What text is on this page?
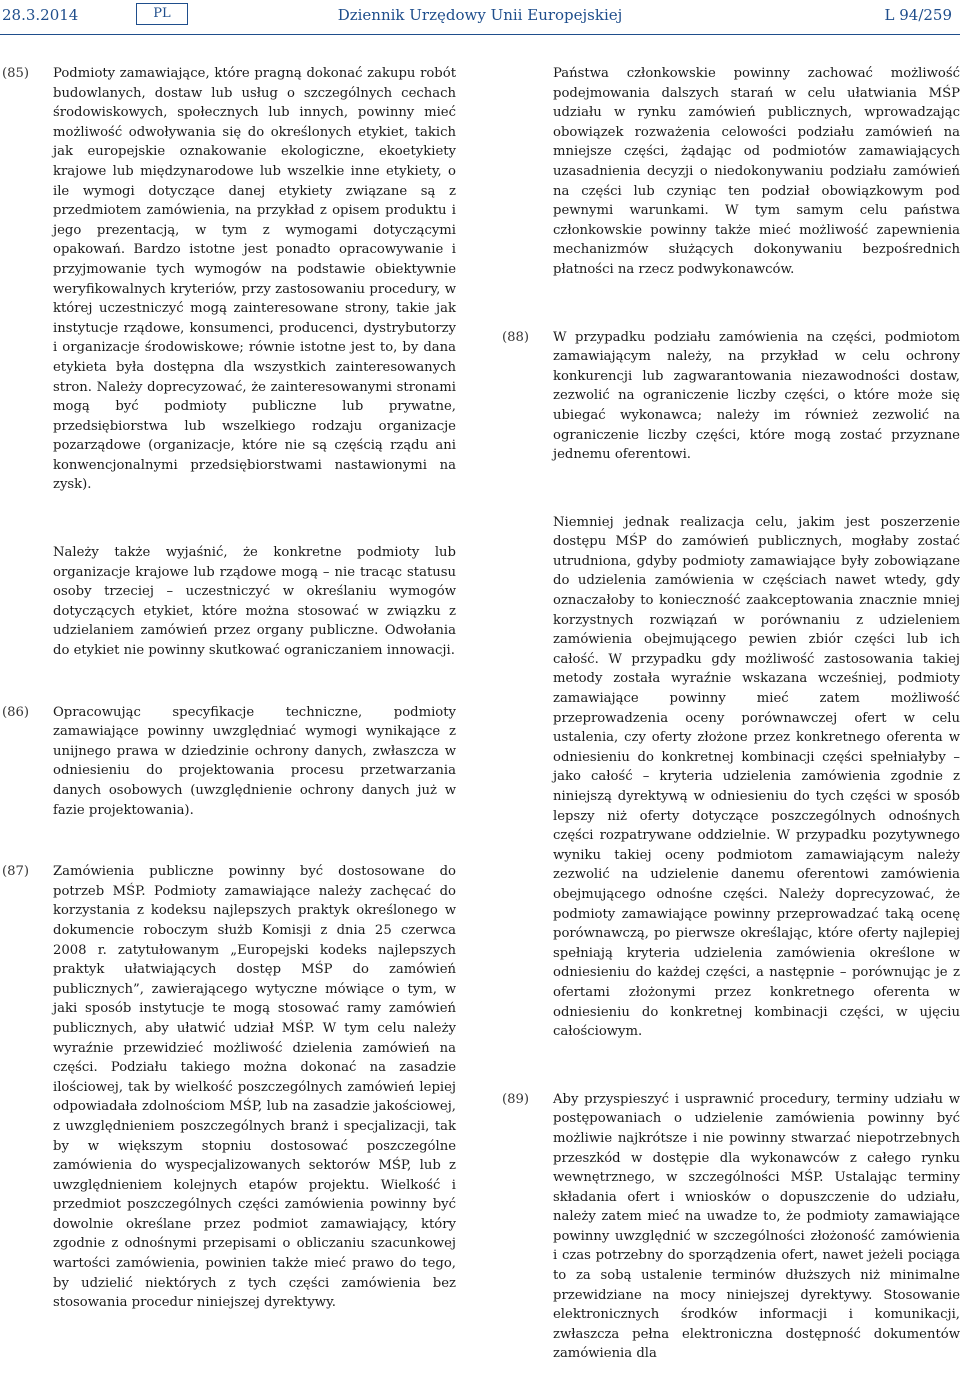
28.3.2014	PL	Dziennik Urzędowy Unii Europejskiej	L 94/259
(85) Podmioty zamawiające, które pragną dokonać zakupu robót budowlanych, dostaw lub usług o szczególnych cechach środowiskowych, społecznych lub innych, powinny mieć możliwość odwoływania się do określonych etykiet, takich jak europejskie oznakowanie ekologiczne, ekoetykiety krajowe lub międzynarodowe lub wszelkie inne etykiety, o ile wymogi dotyczące danej etykiety związane są z przedmiotem zamówienia, na przykład z opisem produktu i jego prezentacją, w tym z wymogami dotyczącymi opakowań. Bardzo istotne jest ponadto opracowywanie i przyjmowanie tych wymogów na podstawie obiektywnie weryfikowalnych kryteriów, przy zastosowaniu procedury, w której uczestniczyć mogą zainteresowane strony, takie jak instytucje rządowe, konsumenci, producenci, dystrybutorzy i organizacje środowiskowe; równie istotne jest to, by dana etykieta była dostępna dla wszystkich zainteresowanych stron. Należy doprecyzować, że zainteresowanymi stronami mogą być podmioty publiczne lub prywatne, przedsiębiorstwa lub wszelkiego rodzaju organizacje pozarządowe (organizacje, które nie są częścią rządu ani konwencjonalnymi przedsiębiorstwami nastawionymi na zysk).
Należy także wyjaśnić, że konkretne podmioty lub organizacje krajowe lub rządowe mogą – nie tracąc statusu osoby trzeciej – uczestniczyć w określaniu wymogów dotyczących etykiet, które można stosować w związku z udzielaniem zamówień przez organy publiczne. Odwołania do etykiet nie powinny skutkować ograniczaniem innowacji.
(86) Opracowując specyfikacje techniczne, podmioty zamawiające powinny uwzględniać wymogi wynikające z unijnego prawa w dziedzinie ochrony danych, zwłaszcza w odniesieniu do projektowania procesu przetwarzania danych osobowych (uwzględnienie ochrony danych już w fazie projektowania).
(87) Zamówienia publiczne powinny być dostosowane do potrzeb MŚP. Podmioty zamawiające należy zachęcać do korzystania z kodeksu najlepszych praktyk określonego w dokumencie roboczym służb Komisji z dnia 25 czerwca 2008 r. zatytułowanym „Europejski kodeks najlepszych praktyk ułatwiających dostęp MŚP do zamówień publicznych”, zawierającego wytyczne mówiące o tym, w jaki sposób instytucje te mogą stosować ramy zamówień publicznych, aby ułatwić udział MŚP. W tym celu należy wyraźnie przewidzieć możliwość dzielenia zamówień na części. Podziału takiego można dokonać na zasadzie ilościowej, tak by wielkość poszczególnych zamówień lepiej odpowiadała zdolnościom MŚP, lub na zasadzie jakościowej, z uwzględnieniem poszczególnych branż i specjalizacji, tak by w większym stopniu dostosować poszczególne zamówienia do wyspecjalizowanych sektorów MŚP, lub z uwzględnieniem kolejnych etapów projektu. Wielkość i przedmiot poszczególnych części zamówienia powinny być dowolnie określane przez podmiot zamawiający, który zgodnie z odnośnymi przepisami o obliczaniu szacunkowej wartości zamówienia, powinien także mieć prawo do tego, by udzielić niektórych z tych części zamówienia bez stosowania procedur niniejszej dyrektywy.
Państwa członkowskie powinny zachować możliwość podejmowania dalszych starań w celu ułatwiania MŚP udziału w rynku zamówień publicznych, wprowadzając obowiązek rozważenia celowości podziału zamówień na mniejsze części, żądając od podmiotów zamawiających uzasadnienia decyzji o niedokonywaniu podziału zamówień na części lub czyniąc ten podział obowiązkowym pod pewnymi warunkami. W tym samym celu państwa członkowskie powinny także mieć możliwość zapewnienia mechanizmów służących dokonywaniu bezpośrednich płatności na rzecz podwykonawców.
(88) W przypadku podziału zamówienia na części, podmiotom zamawiającym należy, na przykład w celu ochrony konkurencji lub zagwarantowania niezawodności dostaw, zezwolić na ograniczenie liczby części, o które może się ubiegać wykonawca; należy im również zezwolić na ograniczenie liczby części, które mogą zostać przyznane jednemu oferentowi.
Niemniej jednak realizacja celu, jakim jest poszerzenie dostępu MŚP do zamówień publicznych, mogłaby zostać utrudniona, gdyby podmioty zamawiające były zobowiązane do udzielenia zamówienia w częściach nawet wtedy, gdy oznaczałoby to konieczność zaakceptowania znacznie mniej korzystnych rozwiązań w porównaniu z udzieleniem zamówienia obejmującego pewien zbiór części lub ich całość. W przypadku gdy możliwość zastosowania takiej metody została wyraźnie wskazana wcześniej, podmioty zamawiające powinny mieć zatem możliwość przeprowadzenia oceny porównawczej ofert w celu ustalenia, czy oferty złożone przez konkretnego oferenta w odniesieniu do konkretnej kombinacji części spełniałyby – jako całość – kryteria udzielenia zamówienia zgodnie z niniejszą dyrektywą w odniesieniu do tych części w sposób lepszy niż oferty dotyczące poszczególnych odnośnych części rozpatrywane oddzielnie. W przypadku pozytywnego wyniku takiej oceny podmiotom zamawiającym należy zezwolić na udzielenie danemu oferentowi zamówienia obejmującego odnośne części. Należy doprecyzować, że podmioty zamawiające powinny przeprowadzać taką ocenę porównawczą, po pierwsze określając, które oferty najlepiej spełniają kryteria udzielenia zamówienia określone w odniesieniu do każdej części, a następnie – porównując je z ofertami złożonymi przez konkretnego oferenta w odniesieniu do konkretnej kombinacji części, w ujęciu całościowym.
(89) Aby przyspieszyć i usprawnić procedury, terminy udziału w postępowaniach o udzielenie zamówienia powinny być możliwie najkrótsze i nie powinny stwarzać niepotrzebnych przeszkód w dostępie dla wykonawców z całego rynku wewnętrznego, w szczególności MŚP. Ustalając terminy składania ofert i wniosków o dopuszczenie do udziału, należy zatem mieć na uwadze to, że podmioty zamawiające powinny uwzględnić w szczególności złożoność zamówienia i czas potrzebny do sporządzenia ofert, nawet jeżeli pociąga to za sobą ustalenie terminów dłuższych niż minimalne przewidziane na mocy niniejszej dyrektywy. Stosowanie elektronicznych środków informacji i komunikacji, zwłaszcza pełna elektroniczna dostępność dokumentów zamówienia dla
